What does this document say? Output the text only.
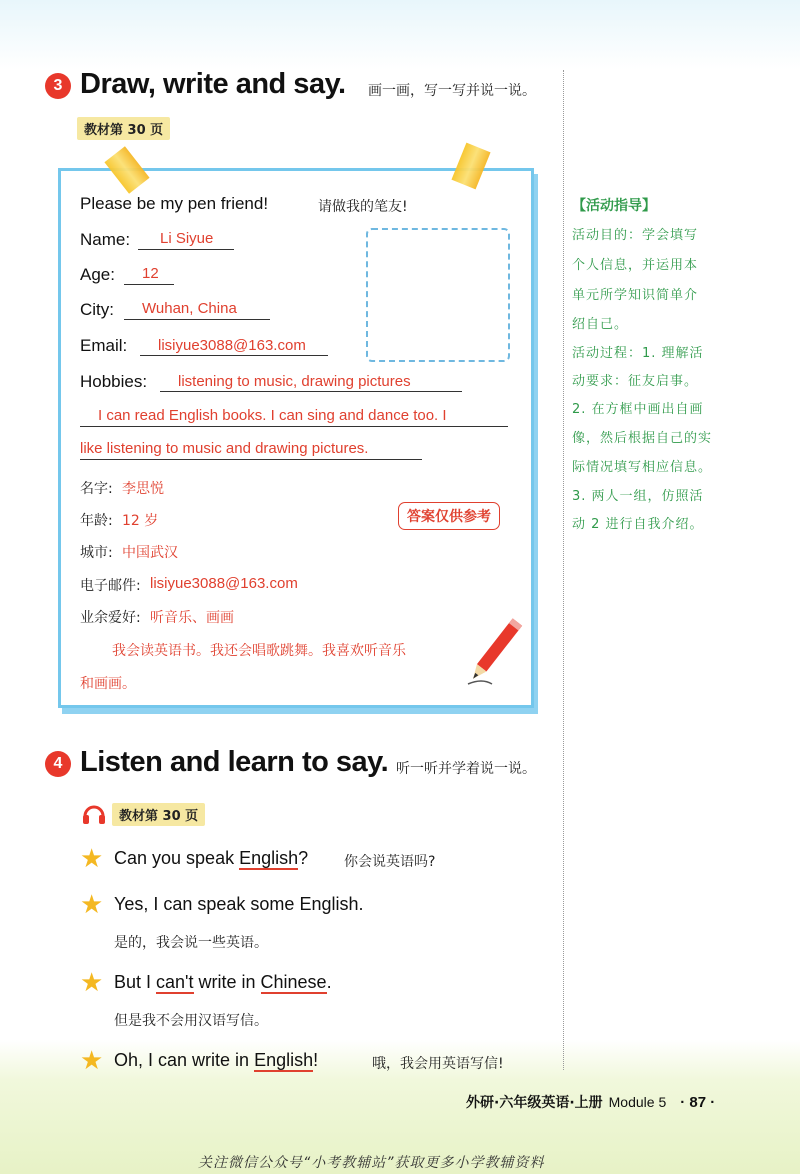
3 Draw, write and say. 画一画，写一写并说一说。
教材第 30 页
Please be my pen friend!	请做我的笔友!
Name: Li Siyue
Age: 12
City: Wuhan, China
Email: lisiyue3088@163.com
Hobbies: listening to music, drawing pictures
I can read English books. I can sing and dance too. I
like listening to music and drawing pictures.
名字: 李思悦
年龄: 12 岁	答案仅供参考
城市: 中国武汉
电子邮件: lisiyue3088@163.com
业余爱好: 听音乐、画画
我会读英语书。我还会唱歌跳舞。我喜欢听音乐
和画画。
【活动指导】
活动目的：学会填写
个人信息，并运用本
单元所学知识简单介
绍自己。
活动过程：1. 理解活
动要求：征友启事。
2. 在方框中画出自画
像，然后根据自己的实
际情况填写相应信息。
3. 两人一组，仿照活
动 2 进行自我介绍。
4 Listen and learn to say. 听一听并学着说一说。
教材第 30 页
★ Can you speak English?	你会说英语吗?
★ Yes, I can speak some English.
是的，我会说一些英语。
★ But I can't write in Chinese.
但是我不会用汉语写信。
★ Oh, I can write in English!	哦，我会用英语写信!
外研·六年级英语·上册 Module 5 · 87 ·
关注微信公众号“小考教辅站”获取更多小学教辅资料
